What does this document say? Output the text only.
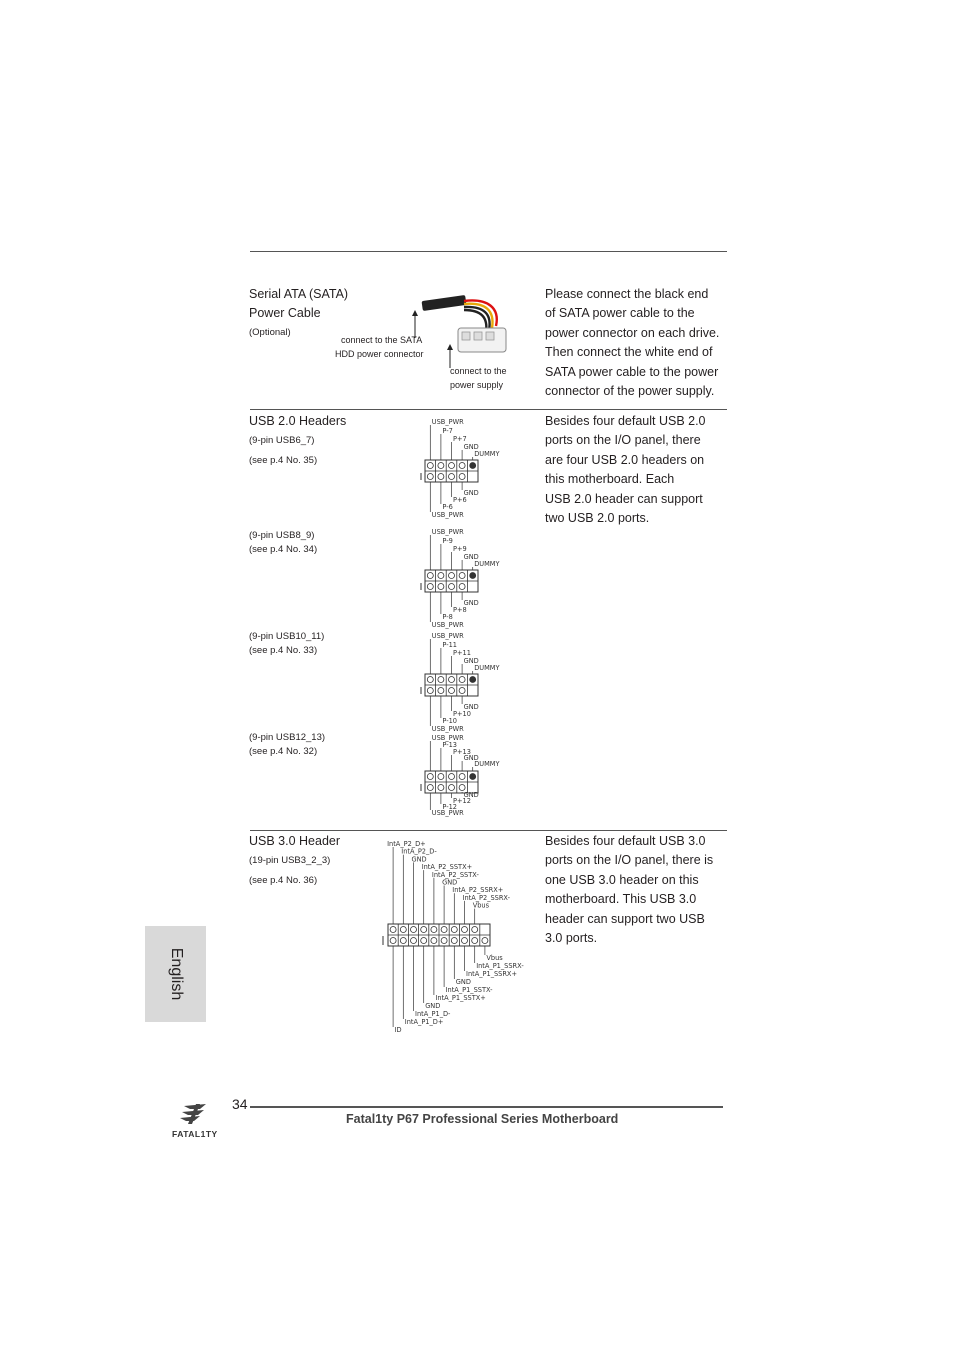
Serial ATA (SATA)
Power Cable
(Optional)
connect to the SATA
HDD power connector
connect to the
power supply
Please connect the black end
of SATA power cable to the
power connector on each drive.
Then connect the white end of
SATA power cable to the power
connector of the power supply.
USB 2.0 Headers
(9-pin USB6_7)
(see p.4 No. 35)
(9-pin USB8_9)
(see p.4 No. 34)
(9-pin USB10_11)
(see p.4 No. 33)
(9-pin USB12_13)
(see p.4 No. 32)
USB_PWR
P-7
P+7
GND
DUMMY
GND
P+6
P-6
USB_PWR
USB_PWR
P-9
P+9
GND
DUMMY
GND
P+8
P-8
USB_PWR
USB_PWR
P-11
P+11
GND
DUMMY
GND
P+10
P-10
USB_PWR
USB_PWR
P-13
P+13
GND
DUMMY
GND
P+12
P-12
USB_PWR
Besides four default USB 2.0
ports on the I/O panel, there
are four USB 2.0 headers on
this motherboard. Each
USB 2.0 header can support
two USB 2.0 ports.
USB 3.0 Header
(19-pin USB3_2_3)
(see p.4 No. 36)
IntA_P2_D+
IntA_P2_D-
GND
IntA_P2_SSTX+
IntA_P2_SSTX-
GND
IntA_P2_SSRX+
IntA_P2_SSRX-
Vbus
Vbus
IntA_P1_SSRX-
IntA_P1_SSRX+
GND
IntA_P1_SSTX-
IntA_P1_SSTX+
GND
IntA_P1_D-
IntA_P1_D+
ID
Besides four default USB 3.0
ports on the I/O panel, there is
one USB 3.0 header on this
motherboard. This USB 3.0
header can support two USB
3.0 ports.
English
34
Fatal1ty P67 Professional Series Motherboard
FATAL1TY
